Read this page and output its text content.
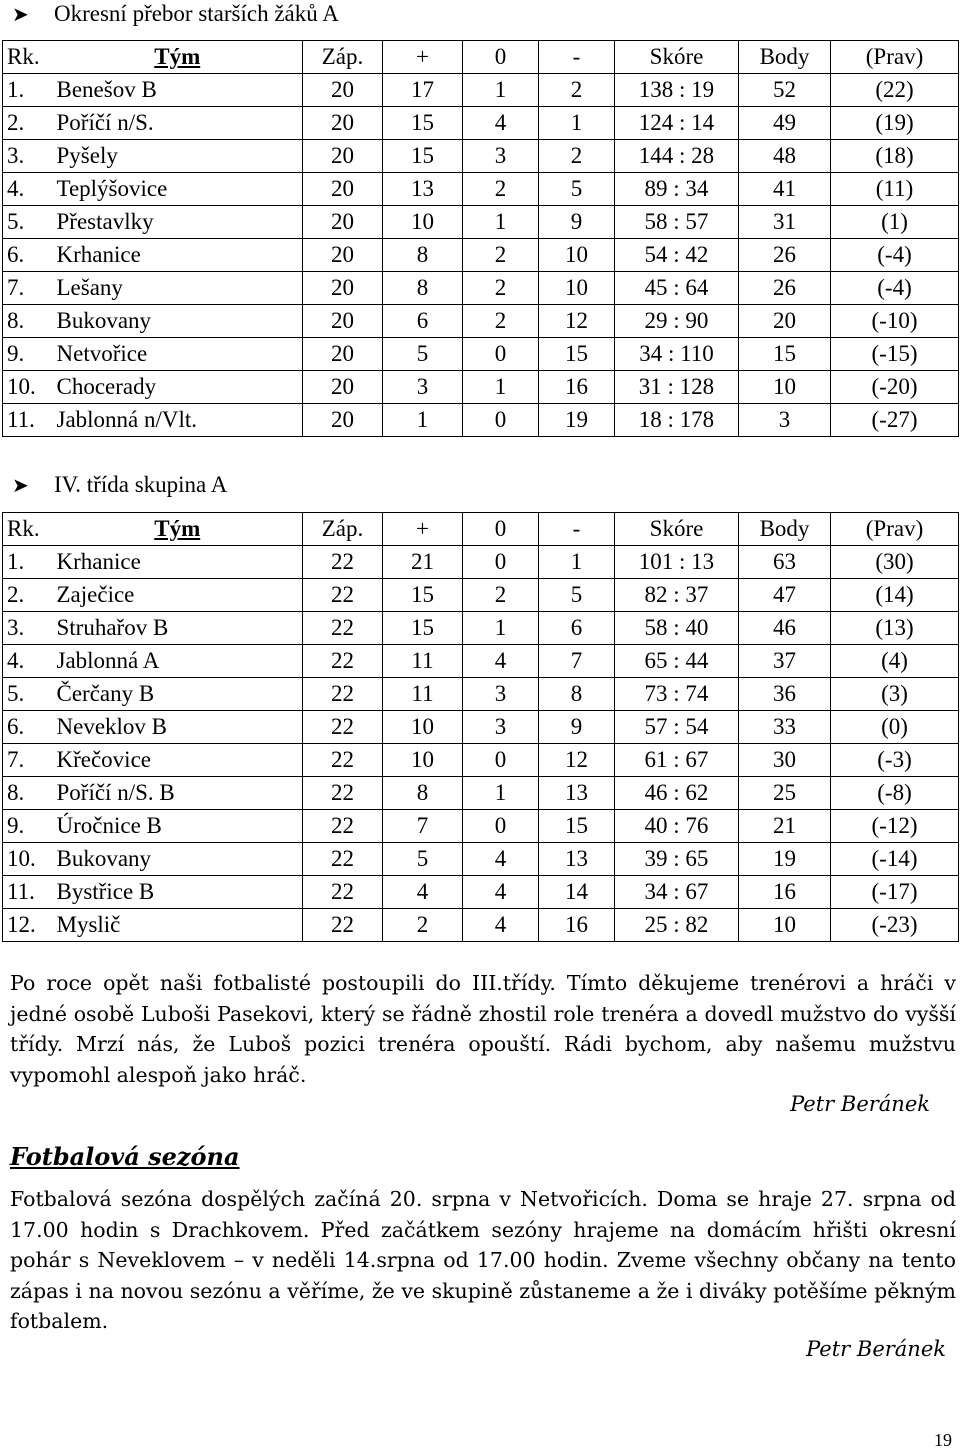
➤ Okresní přebor starších žáků A
Rk.	Tým	Záp.	+	0	-	Skóre	Body	(Prav)
1.	Benešov B	20	17	1	2	138 : 19	52	(22)
2.	Poříčí n/S.	20	15	4	1	124 : 14	49	(19)
3.	Pyšely	20	15	3	2	144 : 28	48	(18)
4.	Teplýšovice	20	13	2	5	89 : 34	41	(11)
5.	Přestavlky	20	10	1	9	58 : 57	31	(1)
6.	Krhanice	20	8	2	10	54 : 42	26	(-4)
7.	Lešany	20	8	2	10	45 : 64	26	(-4)
8.	Bukovany	20	6	2	12	29 : 90	20	(-10)
9.	Netvořice	20	5	0	15	34 : 110	15	(-15)
10.	Chocerady	20	3	1	16	31 : 128	10	(-20)
11.	Jablonná n/Vlt.	20	1	0	19	18 : 178	3	(-27)
➤ IV. třída skupina A
Rk.	Tým	Záp.	+	0	-	Skóre	Body	(Prav)
1.	Krhanice	22	21	0	1	101 : 13	63	(30)
2.	Zaječice	22	15	2	5	82 : 37	47	(14)
3.	Struhařov B	22	15	1	6	58 : 40	46	(13)
4.	Jablonná A	22	11	4	7	65 : 44	37	(4)
5.	Čerčany B	22	11	3	8	73 : 74	36	(3)
6.	Neveklov B	22	10	3	9	57 : 54	33	(0)
7.	Křečovice	22	10	0	12	61 : 67	30	(-3)
8.	Poříčí n/S. B	22	8	1	13	46 : 62	25	(-8)
9.	Úročnice B	22	7	0	15	40 : 76	21	(-12)
10.	Bukovany	22	5	4	13	39 : 65	19	(-14)
11.	Bystřice B	22	4	4	14	34 : 67	16	(-17)
12.	Myslič	22	2	4	16	25 : 82	10	(-23)
Po roce opět naši fotbalisté postoupili do III.třídy. Tímto děkujeme trenérovi a hráči v jedné osobě Luboši Pasekovi, který se řádně zhostil role trenéra a dovedl mužstvo do vyšší třídy. Mrzí nás, že Luboš pozici trenéra opouští. Rádi bychom, aby našemu mužstvu vypomohl alespoň jako hráč.
Petr Beránek
Fotbalová sezóna
Fotbalová sezóna dospělých začíná 20. srpna v Netvořicích. Doma se hraje 27. srpna od 17.00 hodin s Drachkovem. Před začátkem sezóny hrajeme na domácím hřišti okresní pohár s Neveklovem – v neděli 14.srpna od 17.00 hodin. Zveme všechny občany na tento zápas i na novou sezónu a věříme, že ve skupině zůstaneme a že i diváky potěšíme pěkným fotbalem.
Petr Beránek
19
